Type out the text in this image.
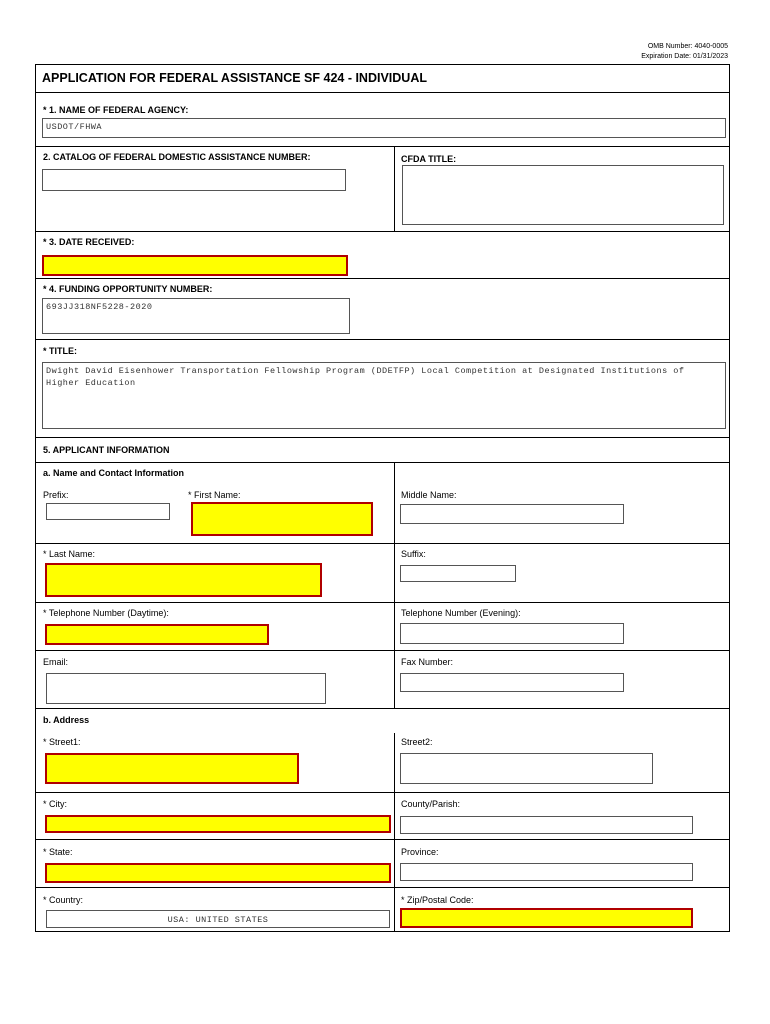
OMB Number: 4040-0005
Expiration Date: 01/31/2023
APPLICATION FOR FEDERAL ASSISTANCE SF 424 - INDIVIDUAL
* 1. NAME OF FEDERAL AGENCY:
USDOT/FHWA
2. CATALOG OF FEDERAL DOMESTIC ASSISTANCE NUMBER:	CFDA TITLE:
* 3. DATE RECEIVED:
* 4. FUNDING OPPORTUNITY NUMBER:
693JJ318NF5228-2020
* TITLE:
Dwight David Eisenhower Transportation Fellowship Program (DDETFP) Local Competition at Designated Institutions of Higher Education
5. APPLICANT INFORMATION
a. Name and Contact Information
Prefix:	* First Name:	Middle Name:
* Last Name:	Suffix:
* Telephone Number (Daytime):	Telephone Number (Evening):
Email:	Fax Number:
b. Address
* Street1:	Street2:
* City:	County/Parish:
* State:	Province:
* Country:
USA: UNITED STATES
* Zip/Postal Code:
